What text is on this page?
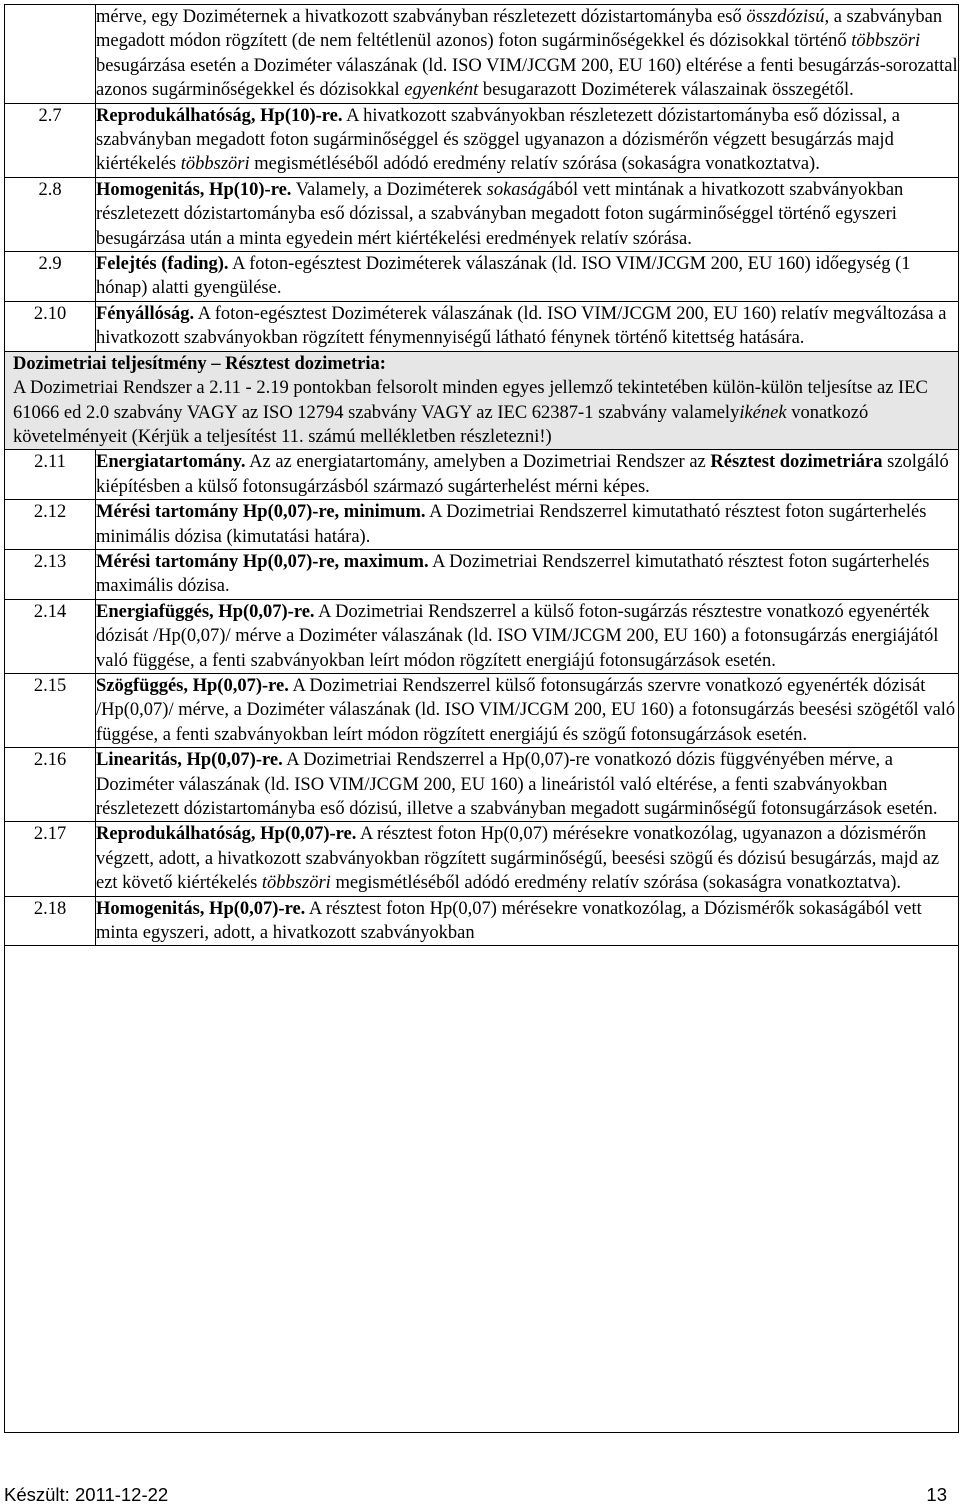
	mérve, egy Doziméternek a hivatkozott szabványban részletezett dózistartományba eső összdózisú, a szabványban megadott módon rögzített (de nem feltétlenül azonos) foton sugárminőségekkel és dózisokkal történő többszöri besugárzása esetén a Doziméter válaszának (ld. ISO VIM/JCGM 200, EU 160) eltérése a fenti besugárzás-sorozattal azonos sugárminőségekkel és dózisokkal egyenként besugarazott Doziméterek válaszainak összegétől.
2.7	Reprodukálhatóság, Hp(10)-re. A hivatkozott szabványokban részletezett dózistartományba eső dózissal, a szabványban megadott foton sugárminőséggel és szöggel ugyanazon a dózismérőn végzett besugárzás majd kiértékelés többszöri megismétléséből adódó eredmény relatív szórása (sokaságra vonatkoztatva).
2.8	Homogenitás, Hp(10)-re. Valamely, a Doziméterek sokaságából vett mintának a hivatkozott szabványokban részletezett dózistartományba eső dózissal, a szabványban megadott foton sugárminőséggel történő egyszeri besugárzása után a minta egyedein mért kiértékelési eredmények relatív szórása.
2.9	Felejtés (fading). A foton-egésztest Doziméterek válaszának (ld. ISO VIM/JCGM 200, EU 160) időegység (1 hónap) alatti gyengülése.
2.10	Fényállóság. A foton-egésztest Doziméterek válaszának (ld. ISO VIM/JCGM 200, EU 160) relatív megváltozása a hivatkozott szabványokban rögzített fénymennyiségű látható fénynek történő kitettség hatására.

Dozimetriai teljesítmény – Résztest dozimetria:
A Dozimetriai Rendszer a 2.11 - 2.19 pontokban felsorolt minden egyes jellemző tekintetében külön-külön teljesítse az IEC 61066 ed 2.0 szabvány VAGY az ISO 12794 szabvány VAGY az IEC 62387-1 szabvány valamelyikének vonatkozó követelményeit (Kérjük a teljesítést 11. számú mellékletben részletezni!)	

2.11	Energiatartomány. Az az energiatartomány, amelyben a Dozimetriai Rendszer az Résztest dozimetriára szolgáló kiépítésben a külső fotonsugárzásból származó sugárterhelést mérni képes.
2.12	Mérési tartomány Hp(0,07)-re, minimum. A Dozimetriai Rendszerrel kimutatható résztest foton sugárterhelés minimális dózisa (kimutatási határa).
2.13	Mérési tartomány Hp(0,07)-re, maximum. A Dozimetriai Rendszerrel kimutatható résztest foton sugárterhelés maximális dózisa.
2.14	Energiafüggés, Hp(0,07)-re. A Dozimetriai Rendszerrel a külső foton-sugárzás résztestre vonatkozó egyenérték dózisát /Hp(0,07)/ mérve a Doziméter válaszának (ld. ISO VIM/JCGM 200, EU 160) a fotonsugárzás energiájától való függése, a fenti szabványokban leírt módon rögzített energiájú fotonsugárzások esetén.
2.15	Szögfüggés, Hp(0,07)-re. A Dozimetriai Rendszerrel külső fotonsugárzás szervre vonatkozó egyenérték dózisát /Hp(0,07)/ mérve, a Doziméter válaszának (ld. ISO VIM/JCGM 200, EU 160) a fotonsugárzás beesési szögétől való függése, a fenti szabványokban leírt módon rögzített energiájú és szögű fotonsugárzások esetén.
2.16	Linearitás, Hp(0,07)-re. A Dozimetriai Rendszerrel a Hp(0,07)-re vonatkozó dózis függvényében mérve, a Doziméter válaszának (ld. ISO VIM/JCGM 200, EU 160) a lineáristól való eltérése, a fenti szabványokban részletezett dózistartományba eső dózisú, illetve a szabványban megadott sugárminőségű fotonsugárzások esetén.
2.17	Reprodukálhatóság, Hp(0,07)-re. A résztest foton Hp(0,07) mérésekre vonatkozólag, ugyanazon a dózismérőn végzett, adott, a hivatkozott szabványokban rögzített sugárminőségű, beesési szögű és dózisú besugárzás, majd az ezt követő kiértékelés többszöri megismétléséből adódó eredmény relatív szórása (sokaságra vonatkoztatva).
2.18	Homogenitás, Hp(0,07)-re. A résztest foton Hp(0,07) mérésekre vonatkozólag, a Dózismérők sokaságából vett minta egyszeri, adott, a hivatkozott szabványokban
Készült: 2011-12-22	13
